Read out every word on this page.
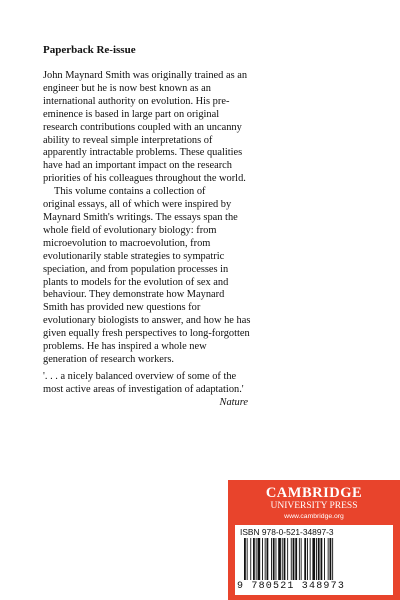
Paperback Re-issue

John Maynard Smith was originally trained as an
engineer but he is now best known as an
international authority on evolution. His pre-
eminence is based in large part on original
research contributions coupled with an uncanny
ability to reveal simple interpretations of
apparently intractable problems. These qualities
have had an important impact on the research
priorities of his colleagues throughout the world.

This volume contains a collection of
original essays, all of which were inspired by
Maynard Smith's writings. The essays span the
whole field of evolutionary biology: from
microevolution to macroevolution, from
evolutionarily stable strategies to sympatric
speciation, and from population processes in
plants to models for the evolution of sex and
behaviour. They demonstrate how Maynard
Smith has provided new questions for
evolutionary biologists to answer, and how he has
given equally fresh perspectives to long-forgotten
problems. He has inspired a whole new
generation of research workers.

'. . . a nicely balanced overview of some of the
most active areas of investigation of adaptation.'

Nature

CAMBRIDGE
UNIVERSITY PRESS
www.cambridge.org
ISBN 978-0-521-34897-3
9 780521 348973
